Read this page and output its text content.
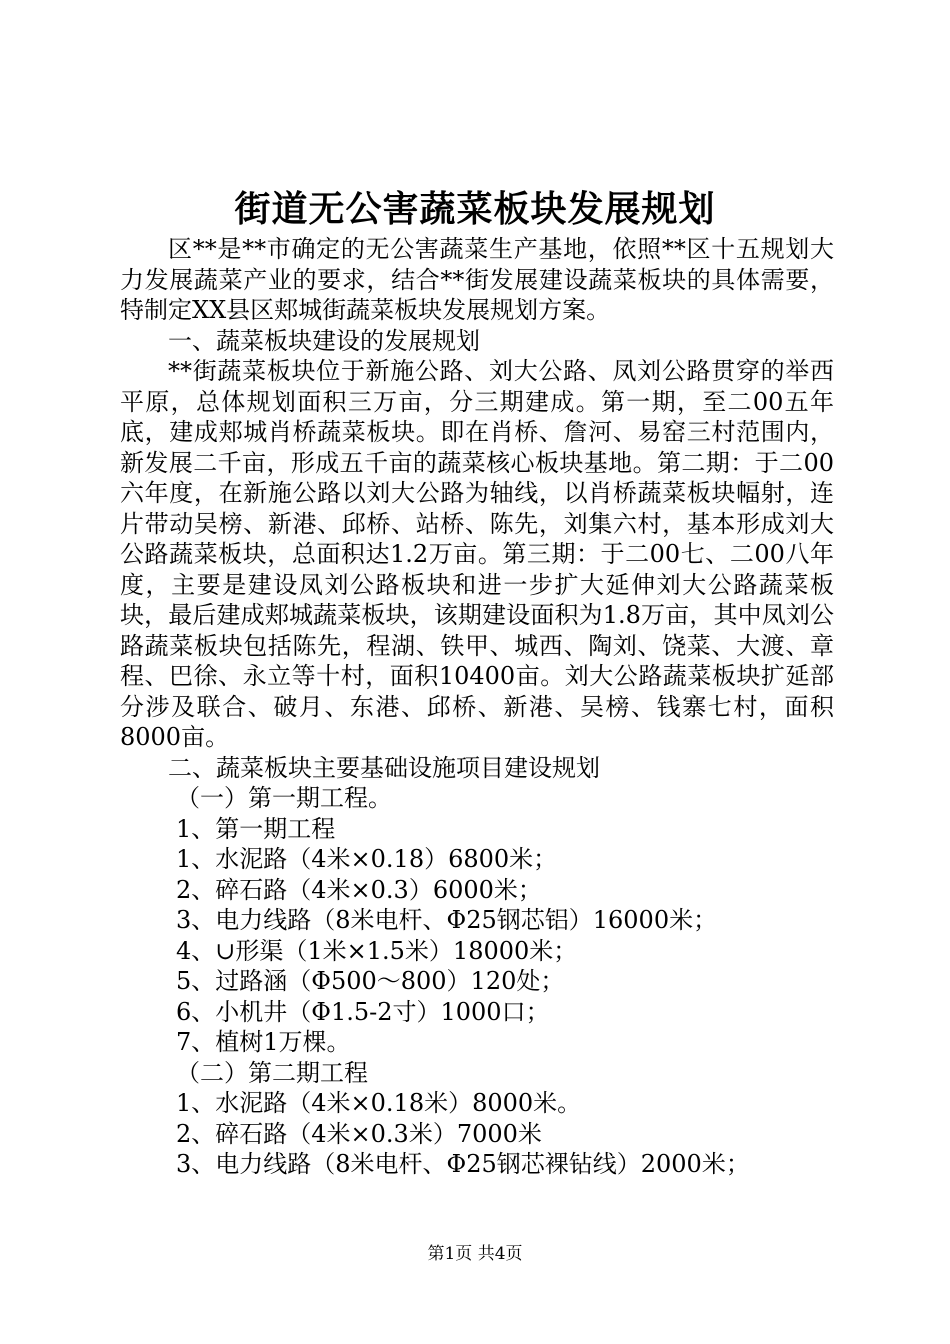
街道无公害蔬菜板块发展规划

区**是**市确定的无公害蔬菜生产基地，依照**区十五规划大力发展蔬菜产业的要求，结合**街发展建设蔬菜板块的具体需要，特制定XX县区郏城街蔬菜板块发展规划方案。

一、蔬菜板块建设的发展规划

**街蔬菜板块位于新施公路、刘大公路、凤刘公路贯穿的举西平原，总体规划面积三万亩，分三期建成。第一期，至二00五年底，建成郏城肖桥蔬菜板块。即在肖桥、詹河、易窑三村范围内，新发展二千亩，形成五千亩的蔬菜核心板块基地。第二期：于二00六年度，在新施公路以刘大公路为轴线，以肖桥蔬菜板块幅射，连片带动吴榜、新港、邱桥、站桥、陈先，刘集六村，基本形成刘大公路蔬菜板块，总面积达1.2万亩。第三期：于二00七、二00八年度，主要是建设凤刘公路板块和进一步扩大延伸刘大公路蔬菜板块，最后建成郏城蔬菜板块，该期建设面积为1.8万亩，其中凤刘公路蔬菜板块包括陈先，程湖、铁甲、城西、陶刘、饶菜、大渡、章程、巴徐、永立等十村，面积10400亩。刘大公路蔬菜板块扩延部分涉及联合、破月、东港、邱桥、新港、吴榜、钱寨七村，面积8000亩。

二、蔬菜板块主要基础设施项目建设规划

（一）第一期工程。

1、第一期工程

1、水泥路（4米×0.18）6800米；

2、碎石路（4米×0.3）6000米；

3、电力线路（8米电杆、Φ25钢芯铝）16000米；

4、∪形渠（1米×1.5米）18000米；

5、过路涵（Φ500～800）120处；

6、小机井（Φ1.5-2寸）1000口；

7、植树1万棵。

（二）第二期工程

1、水泥路（4米×0.18米）8000米。

2、碎石路（4米×0.3米）7000米

3、电力线路（8米电杆、Φ25钢芯裸钻线）2000米；

第1页 共4页
